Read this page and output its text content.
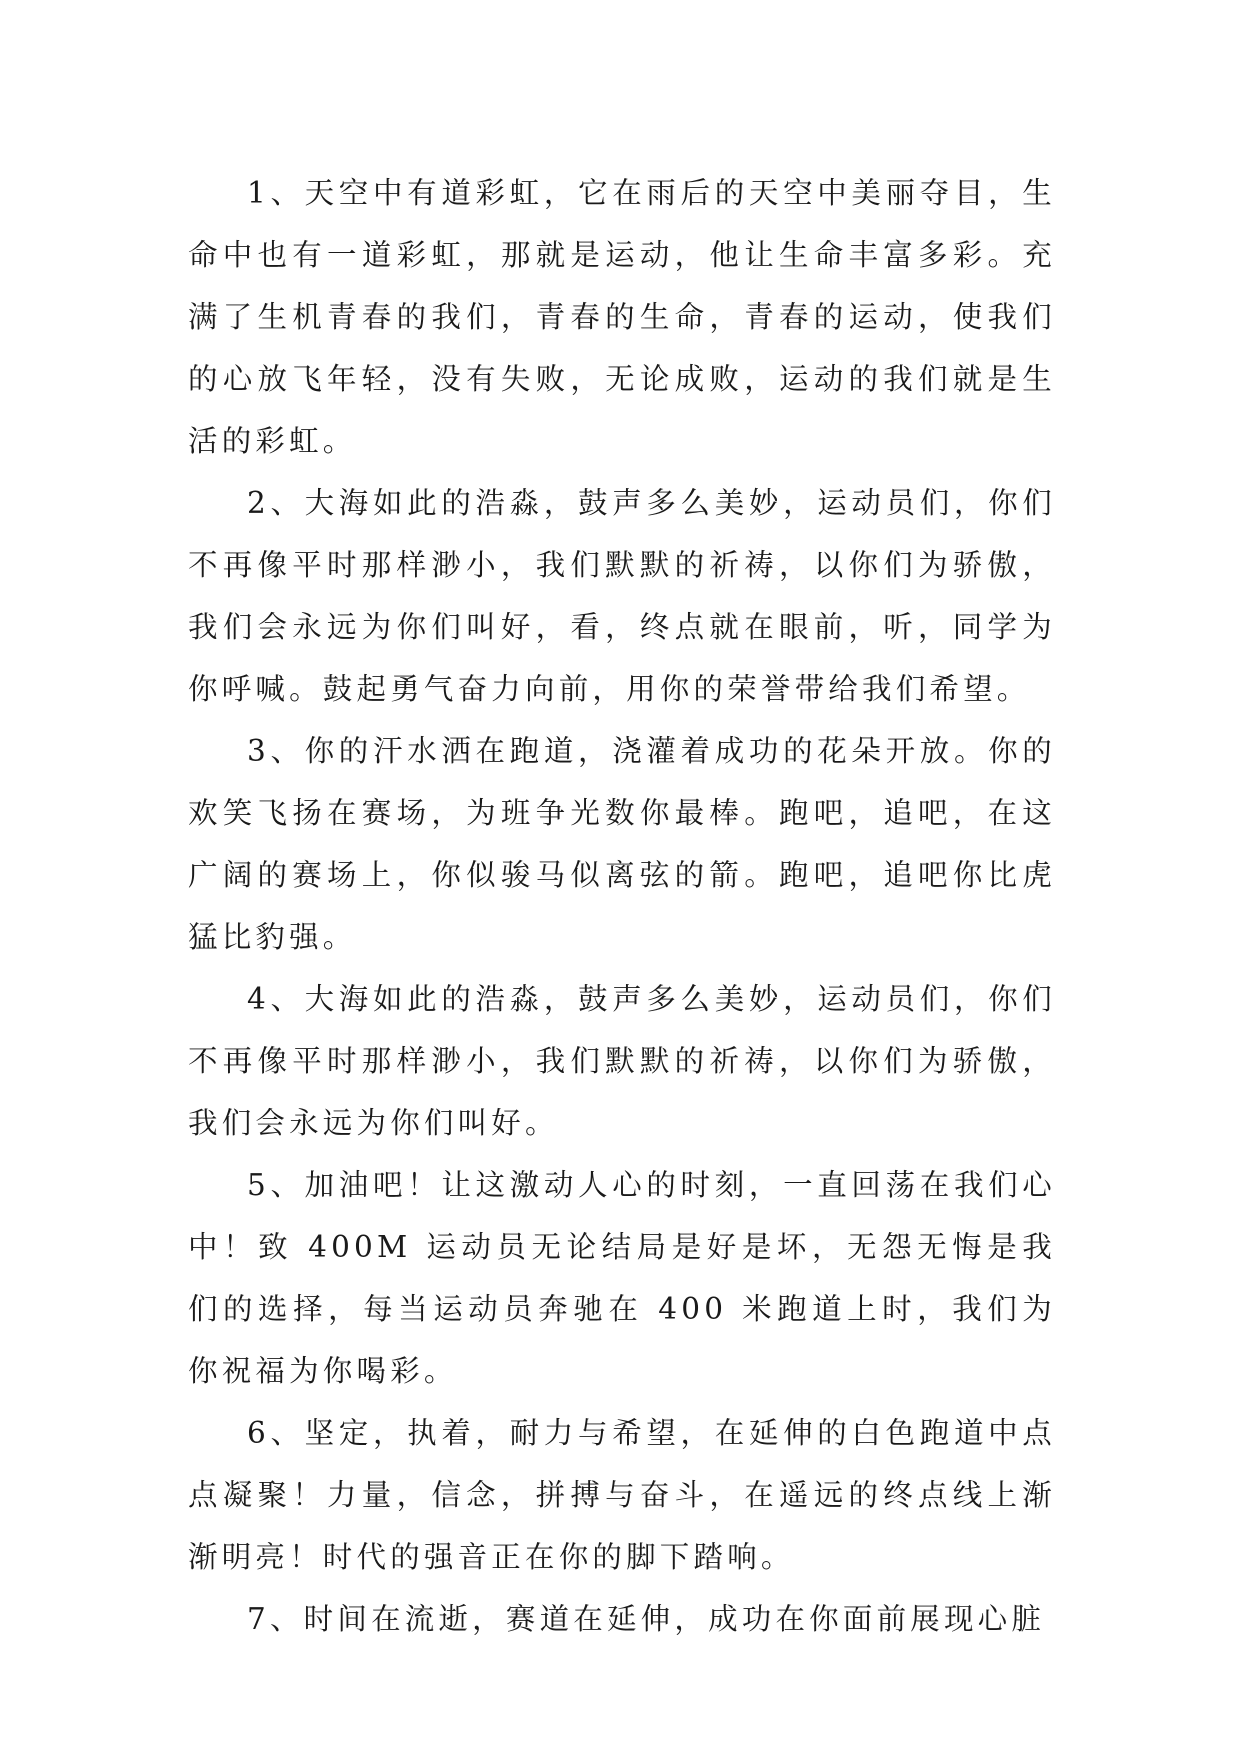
1、天空中有道彩虹，它在雨后的天空中美丽夺目，生命中也有一道彩虹，那就是运动，他让生命丰富多彩。充满了生机青春的我们，青春的生命，青春的运动，使我们的心放飞年轻，没有失败，无论成败，运动的我们就是生活的彩虹。

2、大海如此的浩淼，鼓声多么美妙，运动员们，你们不再像平时那样渺小，我们默默的祈祷，以你们为骄傲，我们会永远为你们叫好，看，终点就在眼前，听，同学为你呼喊。鼓起勇气奋力向前，用你的荣誉带给我们希望。

3、你的汗水洒在跑道，浇灌着成功的花朵开放。你的欢笑飞扬在赛场，为班争光数你最棒。跑吧，追吧，在这广阔的赛场上，你似骏马似离弦的箭。跑吧，追吧你比虎猛比豹强。

4、大海如此的浩淼，鼓声多么美妙，运动员们，你们不再像平时那样渺小，我们默默的祈祷，以你们为骄傲，我们会永远为你们叫好。

5、加油吧！让这激动人心的时刻，一直回荡在我们心中！致 400M 运动员无论结局是好是坏，无怨无悔是我们的选择，每当运动员奔驰在 400 米跑道上时，我们为你祝福为你喝彩。

6、坚定，执着，耐力与希望，在延伸的白色跑道中点点凝聚！力量，信念，拼搏与奋斗，在遥远的终点线上渐渐明亮！时代的强音正在你的脚下踏响。

7、时间在流逝，赛道在延伸，成功在你面前展现心脏
